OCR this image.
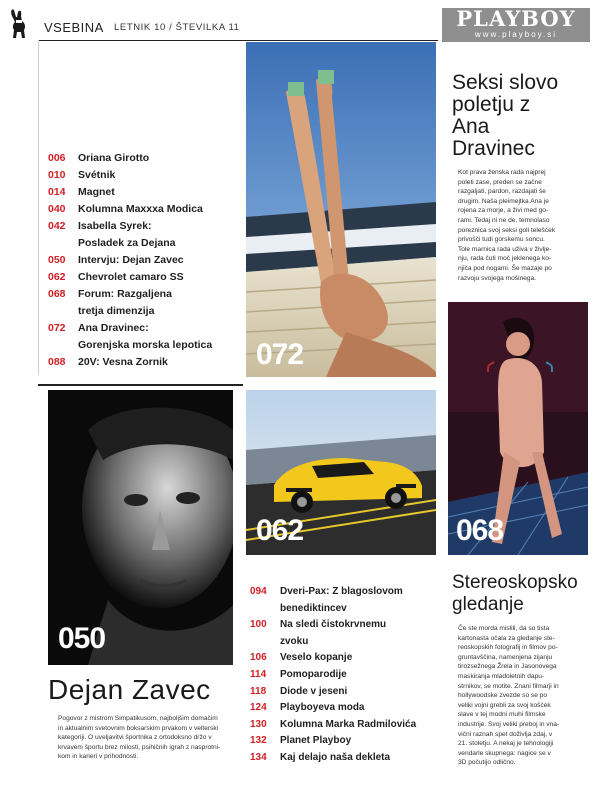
VSEBINA LETNIK 10 / ŠTEVILKA 11	PLAYBOY
www.playboy.si
006	Oriana Girotto
010	Svétnik
014	Magnet
040	Kolumna Maxxxa Modica
042	Isabella Syrek:
Posladek za Dejana
050	Intervju: Dejan Zavec
062	Chevrolet camaro SS
068	Forum: Razgaljena
tretja dimenzija
072	Ana Dravinec:
Gorenjska morska lepotica
088	20V: Vesna Zornik	072
Seksi slovo
poletju z
Ana
Dravinec
Kot prava ženska rada najprej
poleti zase, preden se začne
razgaljati, pardon, razdajati še
drugim. Naša pleimejtka Ana je
rojena za morje, a živi med go-
rami. Tedaj ni ne de, temnolaso
poreznica svoj seksi goli telešček
privošči tudi gorskemu soncu.
Tole marnica rada uživa v življe-
nju, rada čuti moč jeklenega ko-
njiča pod nogami. Še mazaje po
razvoju svojega mošinega.
068
Stereoskopsko
gledanje
Če ste morda mislili, da so tista
kartonasta očala za gledanje ste-
reoskopskih fotografij in filmov po-
gruntavščina, namenjena zijanju
tirozsežnega Žrela in Jasonovega
maskiranja mladoletnih dapu-
strnikov, se motite. Znani filmarji in
hollywoodske zvezde so se po
veliki vojni grebli za svoj košček
slave v tej modni muhi filmske
industrije. Svoj veliki preboj in vna-
vični raznah spet doživlja zdaj, v
21. stoletju. A nekaj je tehnologiji
vendarle skupnega: nagice se v
3D počutijo odlično.
050
Dejan Zavec
Pogovor z mistrom Simpatikusom, najboljšim domačim
in aktualnim svetovnim boksarskim prvakom v velterski
kategoriji. O uveljavitvi športnika z ortodoksno držo v
krvavem športu brez milosti, psihičnih igrah z nasprotni-
kom in karieri v prihodnosti.
062
094	Dveri-Pax: Z blagoslovom
benediktincev
100	Na sledi čistokrvnemu
zvoku
106	Veselo kopanje
114	Pomoparodije
118	Diode v jeseni
124	Playboyeva moda
130	Kolumna Marka Radmilovića
132	Planet Playboy
134	Kaj delajo naša dekleta
